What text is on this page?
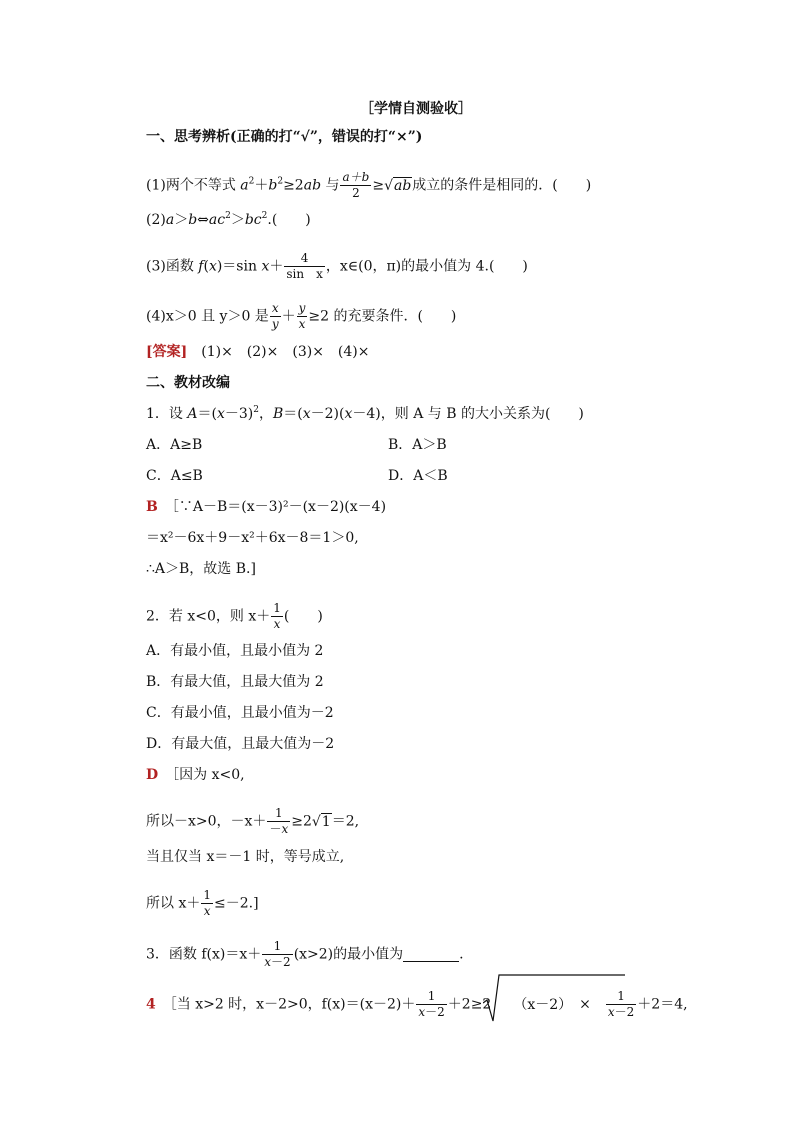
［学情自测验收］
一、思考辨析(正确的打“√”，错误的打“×”)
(1)两个不等式 $a^2+b^2\ge 2ab$ 与 $\frac{a+b}{2} \ge√ab$成立的条件是相同的．(　　)
$(2)a>b\Leftrightarrow ac^2>bc^2$.(　　)
(3)函数 f(x)＝sin $x+ \frac{4}{\text{sin　x}}$ ，x∈(0，π)的最小值为 4.(　　)
(4)x＞0 且 y＞0 是 $\frac{x}{y} + \frac{y}{x} \ge 2$ 的充要条件．(　　)
[答案]　 (1)×　(2)×　(3)×　(4)×
二、教材改编
1．设 $A=(x-3)^2$，B＝(x－2)(x－4)，则 A 与 B 的大小关系为(　　)
A．A≥B	B．A＞B
C．A≤B	D．A＜B
B　 ［∵A－B＝(x－3)²－(x－2)(x－4)
＝x²－6x＋9－x²＋6x－8＝1＞0,
∴A＞B，故选 B.]
2．若 x<0，则 $x+ \frac{1}{x}$ (　　)
A．有最小值，且最小值为 2
B．有最大值，且最大值为 2
C．有最小值，且最小值为－2
D．有最大值，且最大值为－2
D　 ［因为 x<0,
所以－x>0，$-x+ \frac{1}{-x} \ge 2√1=2$,
当且仅当 x＝－1 时，等号成立,
所以 $x+ \frac{1}{x} \le-2$.]
3．函数 $f(x)=x+ \frac{1}{x-2} (x>2)$的最小值为	.
4　 ［当 x>2 时，x－2>0，$f(x)=(x-2)+ \frac{1}{x-2} +2\ge 2$ （x－2）　 ×　 $\frac{1}{x-2} +2=4$,
